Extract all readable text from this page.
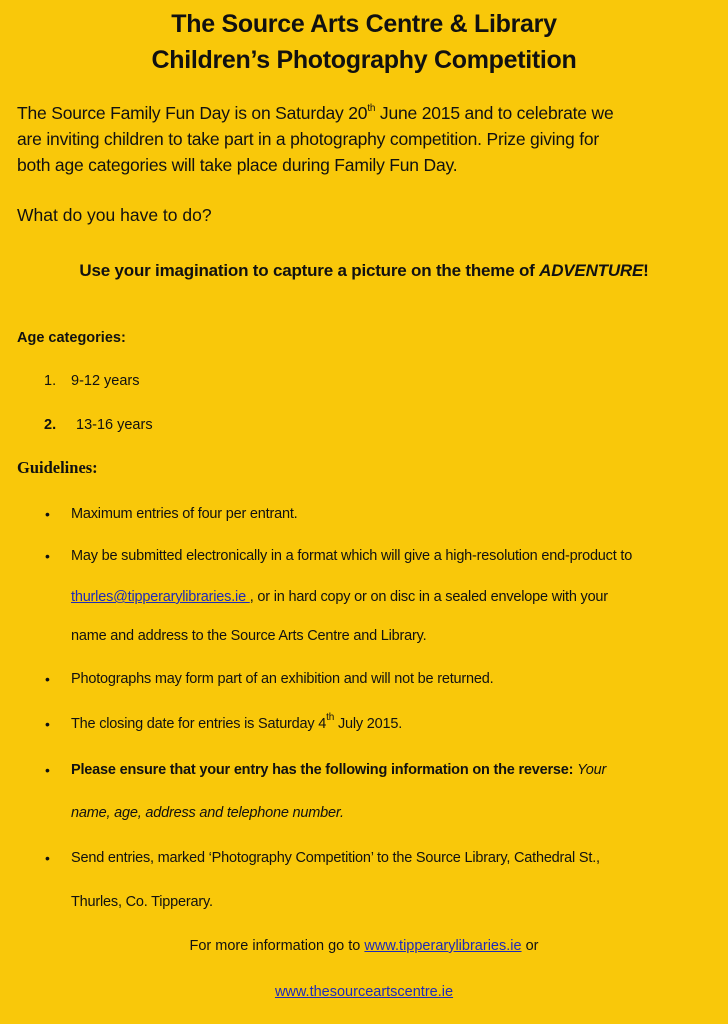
The Source Arts Centre & Library
Children’s Photography Competition
The Source Family Fun Day is on Saturday 20th June 2015 and to celebrate we
are inviting children to take part in a photography competition. Prize giving for
both age categories will take place during Family Fun Day.
What do you have to do?
Use your imagination to capture a picture on the theme of ADVENTURE!
Age categories:
1. 9-12 years
2. 13-16 years
Guidelines:
• Maximum entries of four per entrant.
• May be submitted electronically in a format which will give a high-resolution end-product to
thurles@tipperarylibraries.ie , or in hard copy or on disc in a sealed envelope with your
name and address to the Source Arts Centre and Library.
• Photographs may form part of an exhibition and will not be returned.
• The closing date for entries is Saturday 4th July 2015.
• Please ensure that your entry has the following information on the reverse: Your
name, age, address and telephone number.
• Send entries, marked ‘Photography Competition’ to the Source Library, Cathedral St.,
Thurles, Co. Tipperary.
For more information go to www.tipperarylibraries.ie or
www.thesourceartscentre.ie
